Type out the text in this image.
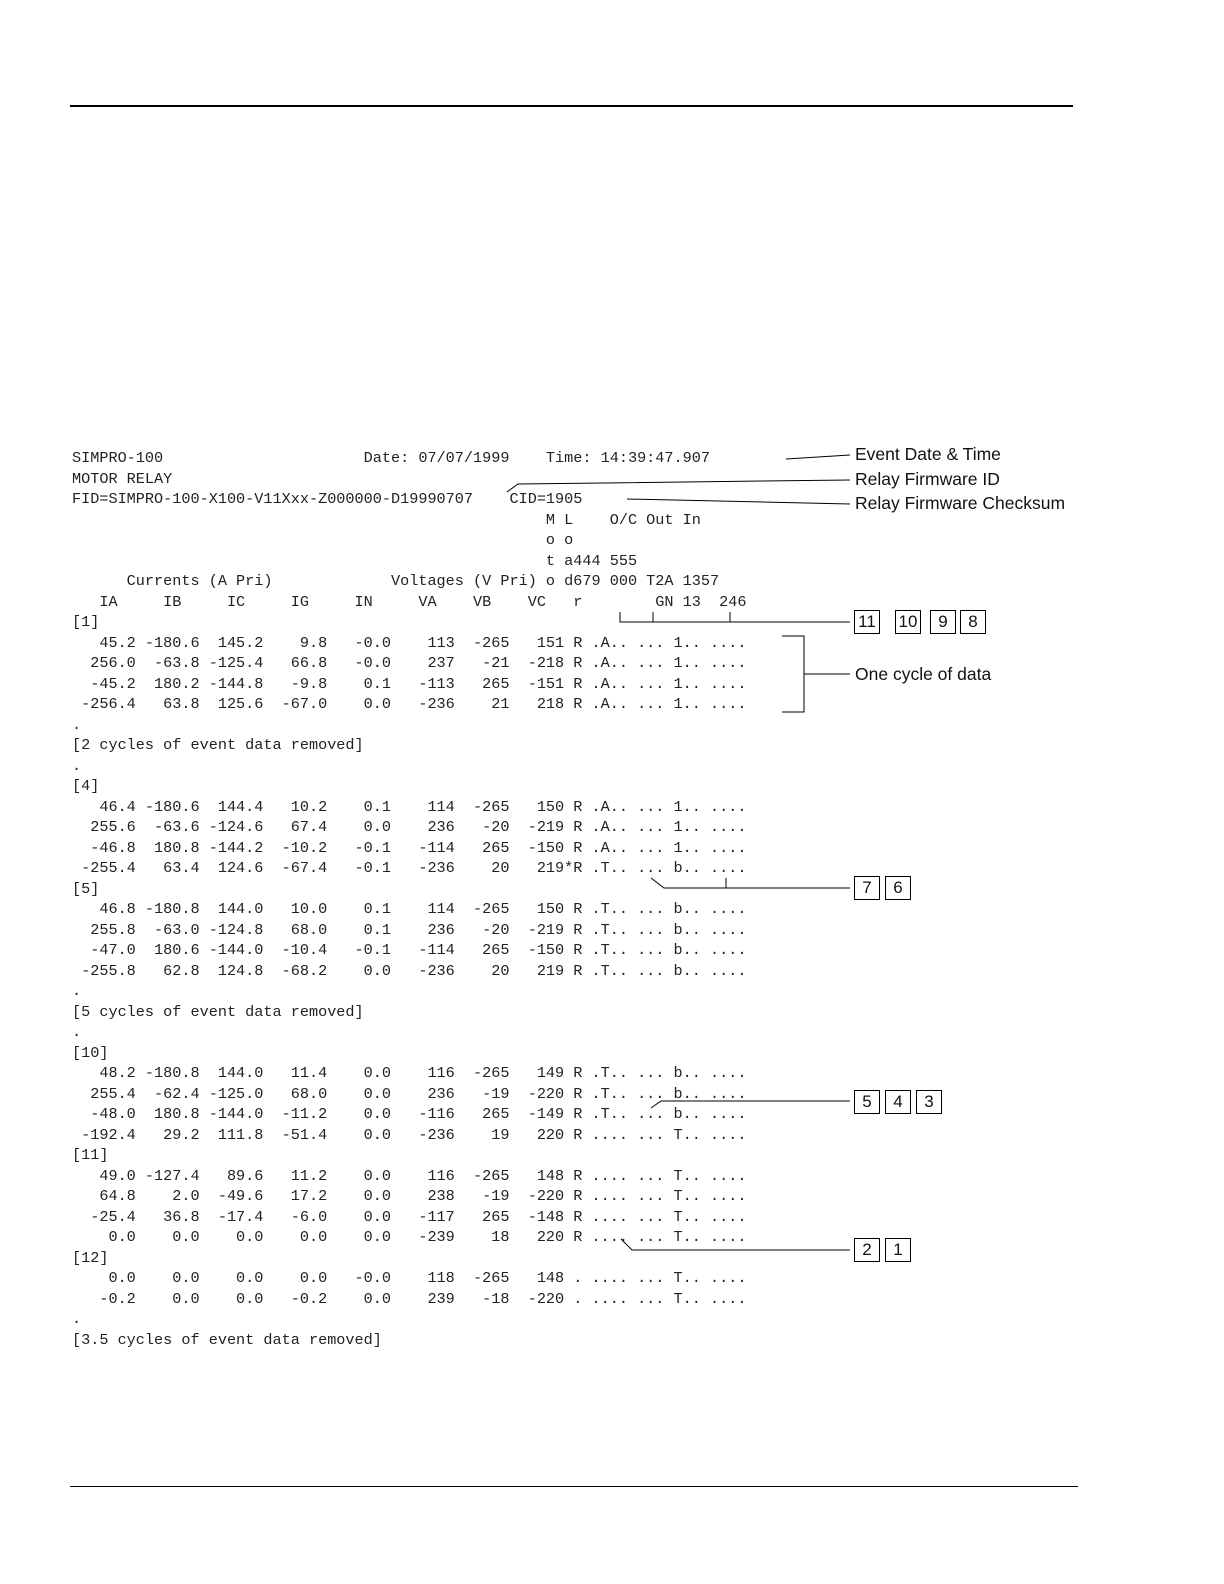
SIMPRO-100                      Date: 07/07/1999    Time: 14:39:47.907
MOTOR RELAY
FID=SIMPRO-100-X100-V11Xxx-Z000000-D19990707    CID=1905
M L    O/C Out In
o o
t a444 555
Currents (A Pri)             Voltages (V Pri) o d679 000 T2A 1357
IA     IB     IC     IG     IN     VA    VB    VC   r        GN 13  246
[1]
45.2 -180.6  145.2    9.8   -0.0    113  -265   151 R .A.. ... 1.. ....
256.0  -63.8 -125.4   66.8   -0.0    237   -21  -218 R .A.. ... 1.. ....
-45.2  180.2 -144.8   -9.8    0.1   -113   265  -151 R .A.. ... 1.. ....
-256.4   63.8  125.6  -67.0    0.0   -236    21   218 R .A.. ... 1.. ....
.
[2 cycles of event data removed]
.
[4]
46.4 -180.6  144.4   10.2    0.1    114  -265   150 R .A.. ... 1.. ....
255.6  -63.6 -124.6   67.4    0.0    236   -20  -219 R .A.. ... 1.. ....
-46.8  180.8 -144.2  -10.2   -0.1   -114   265  -150 R .A.. ... 1.. ....
-255.4   63.4  124.6  -67.4   -0.1   -236    20   219*R .T.. ... b.. ....
[5]
46.8 -180.8  144.0   10.0    0.1    114  -265   150 R .T.. ... b.. ....
255.8  -63.0 -124.8   68.0    0.1    236   -20  -219 R .T.. ... b.. ....
-47.0  180.6 -144.0  -10.4   -0.1   -114   265  -150 R .T.. ... b.. ....
-255.8   62.8  124.8  -68.2    0.0   -236    20   219 R .T.. ... b.. ....
.
[5 cycles of event data removed]
.
[10]
48.2 -180.8  144.0   11.4    0.0    116  -265   149 R .T.. ... b.. ....
255.4  -62.4 -125.0   68.0    0.0    236   -19  -220 R .T.. ... b.. ....
-48.0  180.8 -144.0  -11.2    0.0   -116   265  -149 R .T.. ... b.. ....
-192.4   29.2  111.8  -51.4    0.0   -236    19   220 R .... ... T.. ....
[11]
49.0 -127.4   89.6   11.2    0.0    116  -265   148 R .... ... T.. ....
64.8    2.0  -49.6   17.2    0.0    238   -19  -220 R .... ... T.. ....
-25.4   36.8  -17.4   -6.0    0.0   -117   265  -148 R .... ... T.. ....
0.0    0.0    0.0    0.0    0.0   -239    18   220 R .... ... T.. ....
[12]
0.0    0.0    0.0    0.0   -0.0    118  -265   148 . .... ... T.. ....
-0.2    0.0    0.0   -0.2    0.0    239   -18  -220 . .... ... T.. ....
.
[3.5 cycles of event data removed]
Event Date & Time
Relay Firmware ID
Relay Firmware Checksum
One cycle of data
11 10	9	8
7	6
5	4	3
2	1
